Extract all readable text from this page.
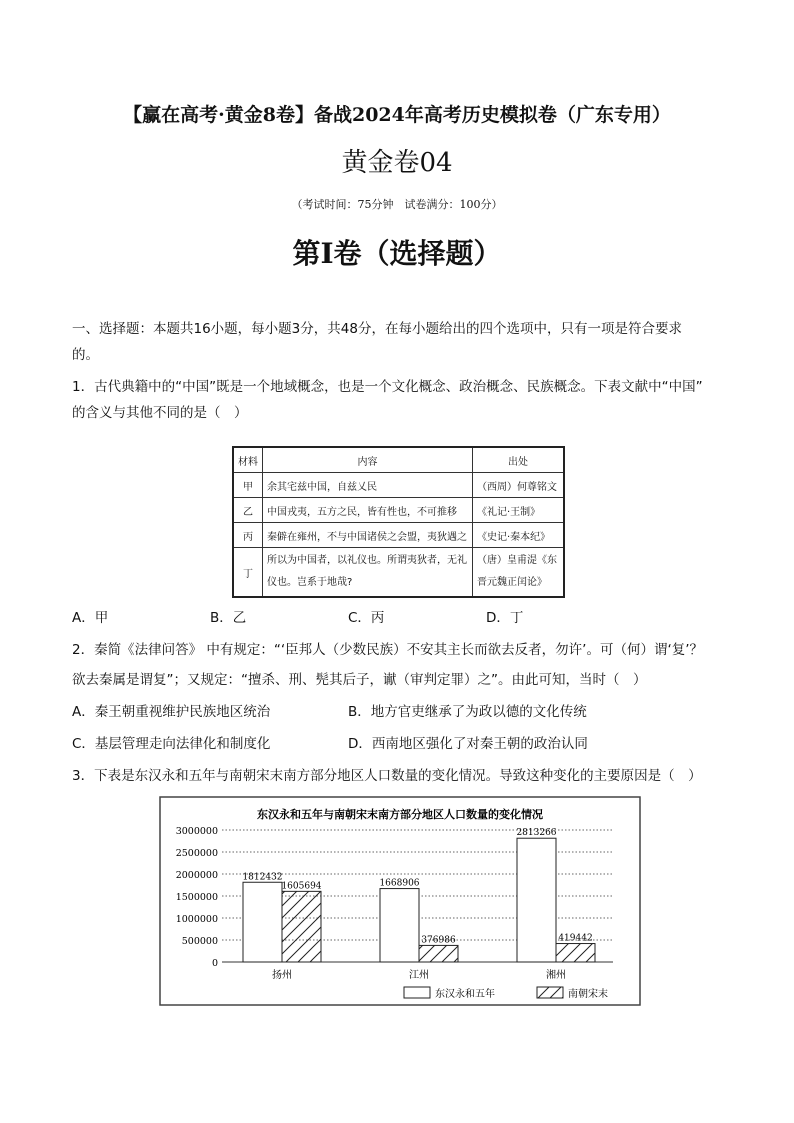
【赢在高考·黄金8卷】备战2024年高考历史模拟卷（广东专用）
黄金卷04
（考试时间：75分钟　试卷满分：100分）
第I卷（选择题）
一、选择题：本题共16小题，每小题3分，共48分，在每小题给出的四个选项中，只有一项是符合要求
的。
1．古代典籍中的“中国”既是一个地域概念，也是一个文化概念、政治概念、民族概念。下表文献中“中国”
的含义与其他不同的是（　）
材料	内容	出处
甲	余其宅兹中国，自兹乂民	（西周）何尊铭文
乙	中国戎夷，五方之民，皆有性也，不可推移	《礼记·王制》
丙	秦僻在雍州，不与中国诸侯之会盟，夷狄遇之	《史记·秦本纪》
丁	所以为中国者，以礼仪也。所谓夷狄者，无礼仪也。岂系于地哉?	（唐）皇甫湜《东晋元魏正闰论》
A．甲	B．乙	C．丙	D．丁
2．秦简《法律问答》 中有规定：“‘臣邦人（少数民族）不安其主长而欲去反者，勿许’。可（何）谓‘复’？
欲去秦属是谓复”；又规定：“擅杀、刑、髡其后子，谳（审判定罪）之”。由此可知，当时（　）
A．秦王朝重视维护民族地区统治	B．地方官吏继承了为政以德的文化传统
C．基层管理走向法律化和制度化	D．西南地区强化了对秦王朝的政治认同
3．下表是东汉永和五年与南朝宋末南方部分地区人口数量的变化情况。导致这种变化的主要原因是（　）
东汉永和五年与南朝宋末南方部分地区人口数量的变化情况
0
500000
1000000
1500000
2000000
2500000
3000000
1812432
1605694
扬州
1668906
376986
江州
2813266
419442
湘州
东汉永和五年	南朝宋末
